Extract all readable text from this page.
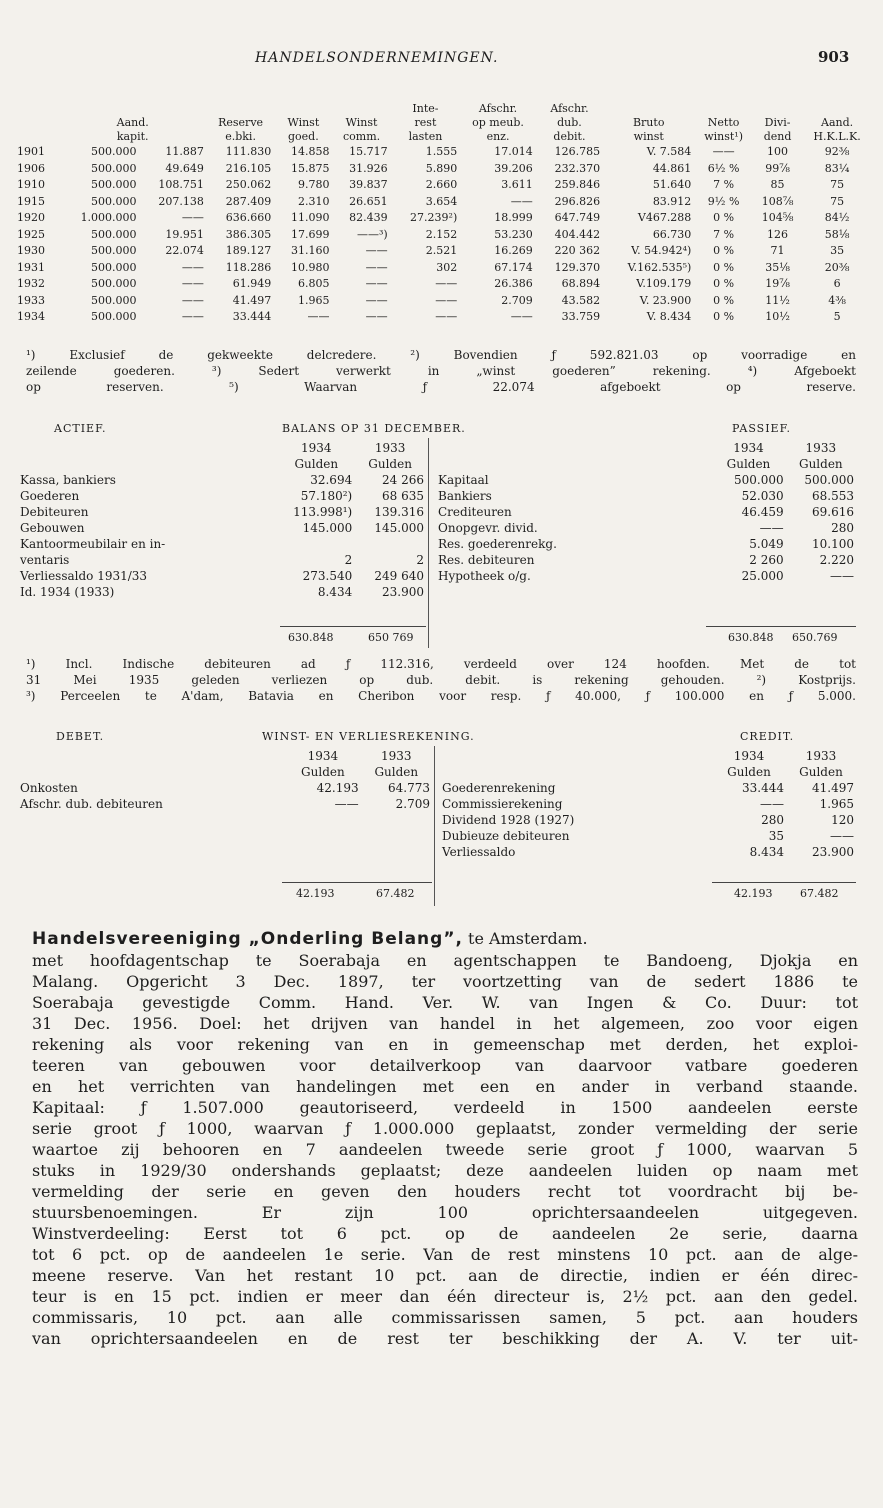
HANDELSONDERNEMINGEN.	903
						Inte-	Afschr.	Afschr.				
	Aand.		Reserve	Winst	Winst	rest	op meub.	dub.	Bruto	Netto	Divi-	Aand.
	kapit.		e.bki.	goed.	comm.	lasten	enz.	debit.	winst	winst¹)	dend	H.K.L.K.
1901	500.000	11.887	111.830	14.858	15.717	1.555	17.014	126.785	V. 7.584	——	100	92⅜
1906	500.000	49.649	216.105	15.875	31.926	5.890	39.206	232.370	44.861	6½ %	99⅞	83¼
1910	500.000	108.751	250.062	9.780	39.837	2.660	3.611	259.846	51.640	7 %	85	75
1915	500.000	207.138	287.409	2.310	26.651	3.654	——	296.826	83.912	9½ %	108⅞	75
1920	1.000.000	——	636.660	11.090	82.439	27.239²)	18.999	647.749	V467.288	0 %	104⅝	84½
1925	500.000	19.951	386.305	17.699	——³)	2.152	53.230	404.442	66.730	7 %	126	58⅛
1930	500.000	22.074	189.127	31.160	——	2.521	16.269	220 362	V. 54.942⁴)	0 %	71	35
1931	500.000	——	118.286	10.980	——	302	67.174	129.370	V.162.535⁵)	0 %	35⅛	20⅜
1932	500.000	——	61.949	6.805	——	——	26.386	68.894	V.109.179	0 %	19⅞	6
1933	500.000	——	41.497	1.965	——	——	2.709	43.582	V. 23.900	0 %	11½	4⅜
1934	500.000	——	33.444	——	——	——	——	33.759	V. 8.434	0 %	10½	5
¹) Exclusief de gekweekte delcredere. ²) Bovendien ƒ 592.821.03 op voorradige en
zeilende goederen. ³) Sedert verwerkt in „winst goederen” rekening. ⁴) Afgeboekt
op reserven. ⁵) Waarvan ƒ 22.074 afgeboekt op reserve.
ACTIEF.	BALANS OP 31 DECEMBER.	PASSIEF.
	1934	1933
	Gulden	Gulden
Kassa, bankiers	32.694	24 266
Goederen	57.180²)	68 635
Debiteuren	113.998¹)	139.316
Gebouwen	145.000	145.000
Kantoormeubilair en in-		
ventaris	2	2
Verliessaldo 1931/33	273.540	249 640
Id. 1934 (1933)	8.434	23.900
	1934	1933
	Gulden	Gulden
Kapitaal	500.000	500.000
Bankiers	52.030	68.553
Crediteuren	46.459	69.616
Onopgevr. divid.	——	280
Res. goederenrekg.	5.049	10.100
Res. debiteuren	2 260	2.220
Hypotheek o/g.	25.000	——
630.848	650 769	630.848 650.769
¹) Incl. Indische debiteuren ad ƒ 112.316, verdeeld over 124 hoofden. Met de tot
31 Mei 1935 geleden verliezen op dub. debit. is rekening gehouden. ²) Kostprijs.
³) Perceelen te A'dam, Batavia en Cheribon voor resp. ƒ 40.000, ƒ 100.000 en ƒ 5.000.
DEBET.	WINST- EN VERLIESREKENING.	CREDIT.
	1934	1933
	Gulden	Gulden
Onkosten	42.193	64.773
Afschr. dub. debiteuren	——	2.709
	1934	1933
	Gulden	Gulden
Goederenrekening	33.444	41.497
Commissierekening	——	1.965
Dividend 1928 (1927)	280	120
Dubieuze debiteuren	35	——
Verliessaldo	8.434	23.900
42.193	67.482	42.193	67.482

Handelsvereeniging „Onderling Belang”, te Amsterdam.

met hoofdagentschap te Soerabaja en agentschappen te Bandoeng, Djokja en
Malang. Opgericht 3 Dec. 1897, ter voortzetting van de sedert 1886 te
Soerabaja gevestigde Comm. Hand. Ver. W. van Ingen & Co. Duur: tot
31 Dec. 1956. Doel: het drijven van handel in het algemeen, zoo voor eigen
rekening als voor rekening van en in gemeenschap met derden, het exploi-
teeren van gebouwen voor detailverkoop van daarvoor vatbare goederen
en het verrichten van handelingen met een en ander in verband staande.
Kapitaal: ƒ 1.507.000 geautoriseerd, verdeeld in 1500 aandeelen eerste
serie groot ƒ 1000, waarvan ƒ 1.000.000 geplaatst, zonder vermelding der serie
waartoe zij behooren en 7 aandeelen tweede serie groot ƒ 1000, waarvan 5
stuks in 1929/30 ondershands geplaatst; deze aandeelen luiden op naam met
vermelding der serie en geven den houders recht tot voordracht bij be-
stuursbenoemingen. Er zijn 100 oprichtersaandeelen uitgegeven.
Winstverdeeling: Eerst tot 6 pct. op de aandeelen 2e serie, daarna
tot 6 pct. op de aandeelen 1e serie. Van de rest minstens 10 pct. aan de alge-
meene reserve. Van het restant 10 pct. aan de directie, indien er één direc-
teur is en 15 pct. indien er meer dan één directeur is, 2½ pct. aan den gedel.
commissaris, 10 pct. aan alle commissarissen samen, 5 pct. aan houders
van oprichtersaandeelen en de rest ter beschikking der A. V. ter uit-
